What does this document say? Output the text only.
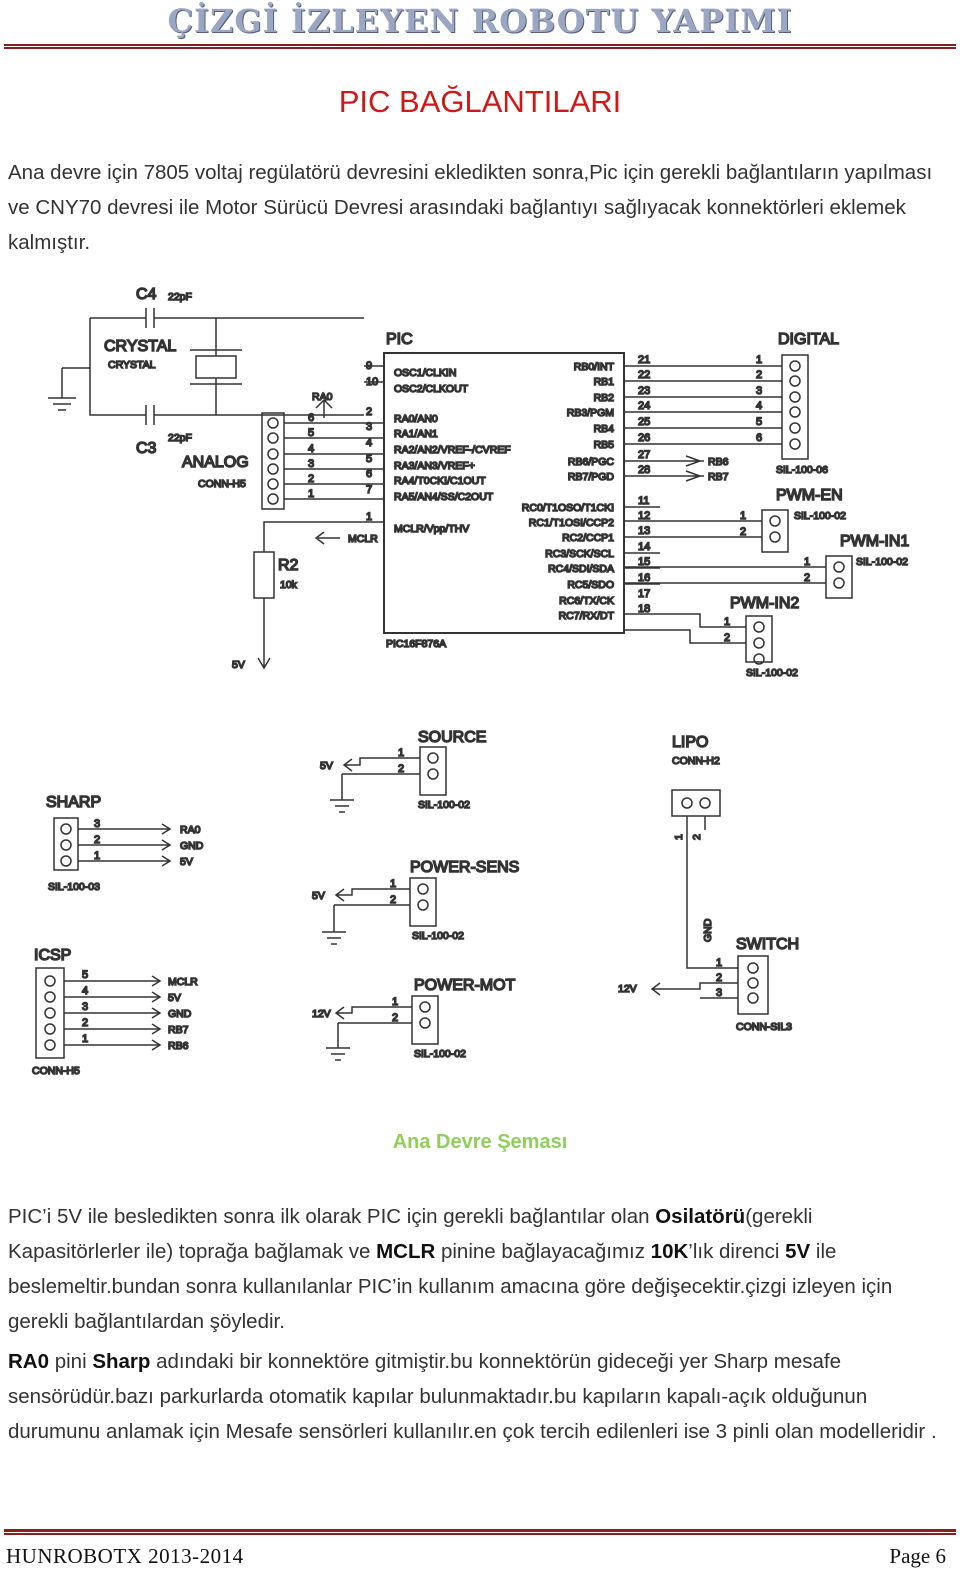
ÇİZGİ İZLEYEN ROBOTU YAPIMI
PIC BAĞLANTILARI

Ana devre için 7805 voltaj regülatörü devresini ekledikten sonra,Pic için gerekli bağlantıların yapılması ve CNY70 devresi ile Motor Sürücü Devresi arasındaki bağlantıyı sağlıyacak konnektörleri eklemek kalmıştır.

C4 22pF
CRYSTAL
CRYSTAL
C3
22pF
ANALOG
CONN-H5
6
5
4
3
2
1
RA0
PIC
PIC16F876A
9
OSC1/CLKIN
10
OSC2/CLKOUT
2
RA0/AN0
3
RA1/AN1
4
RA2/AN2/VREF-/CVREF
5
RA3/AN3/VREF+
6
RA4/T0CKI/C1OUT
7
RA5/AN4/SS/C2OUT
MCLR/Vpp/THV
RB0/INT
21
RB1
22
RB2
23
RB3/PGM
24
RB4
25
RB5
26
RB6/PGC
27
RB7/PGD
28
RC0/T1OSO/T1CKI
11
RC1/T1OSI/CCP2
12
RC2/CCP1
13
RC3/SCK/SCL
14
RC4/SDI/SDA
15
RC5/SDO
16
RC6/TX/CK
17
RC7/RX/DT
18
R2
10k
5V
MCLR
1
RB6
RB7
DIGITAL
1
2
3
4
5
6
SIL-100-06
PWM-EN
SIL-100-02
1
2
PWM-IN1
SIL-100-02
1
2
PWM-IN2
1
2
SIL-100-02
SOURCE
5V
1
2
SIL-100-02
LIPO
CONN-H2
1 2
GND
SHARP
3
2
1
RA0
GND
5V
SIL-100-03
POWER-SENS
5V
1
2
SIL-100-02
ICSP
5
MCLR
4
5V
3
GND
2
RB7
1
RB6
CONN-H5
POWER-MOT
12V
1
2
SIL-100-02
SWITCH
12V
1
2
3
CONN-SIL3
Ana Devre Şeması

PIC’i 5V ile besledikten sonra ilk olarak PIC için gerekli bağlantılar olan Osilatörü(gerekli Kapasitörlerler ile) toprağa bağlamak ve MCLR pinine bağlayacağımız 10K’lık direnci 5V ile beslemeltir.bundan sonra kullanılanlar PIC’in kullanım amacına göre değişecektir.çizgi izleyen için gerekli bağlantılardan şöyledir.

RA0 pini Sharp adındaki bir konnektöre gitmiştir.bu konnektörün gideceği yer Sharp mesafe sensörüdür.bazı parkurlarda otomatik kapılar bulunmaktadır.bu kapıların kapalı-açık olduğunun durumunu anlamak için Mesafe sensörleri kullanılır.en çok tercih edilenleri ise 3 pinli olan modelleridir .

HUNROBOTX 2013-2014	Page 6
